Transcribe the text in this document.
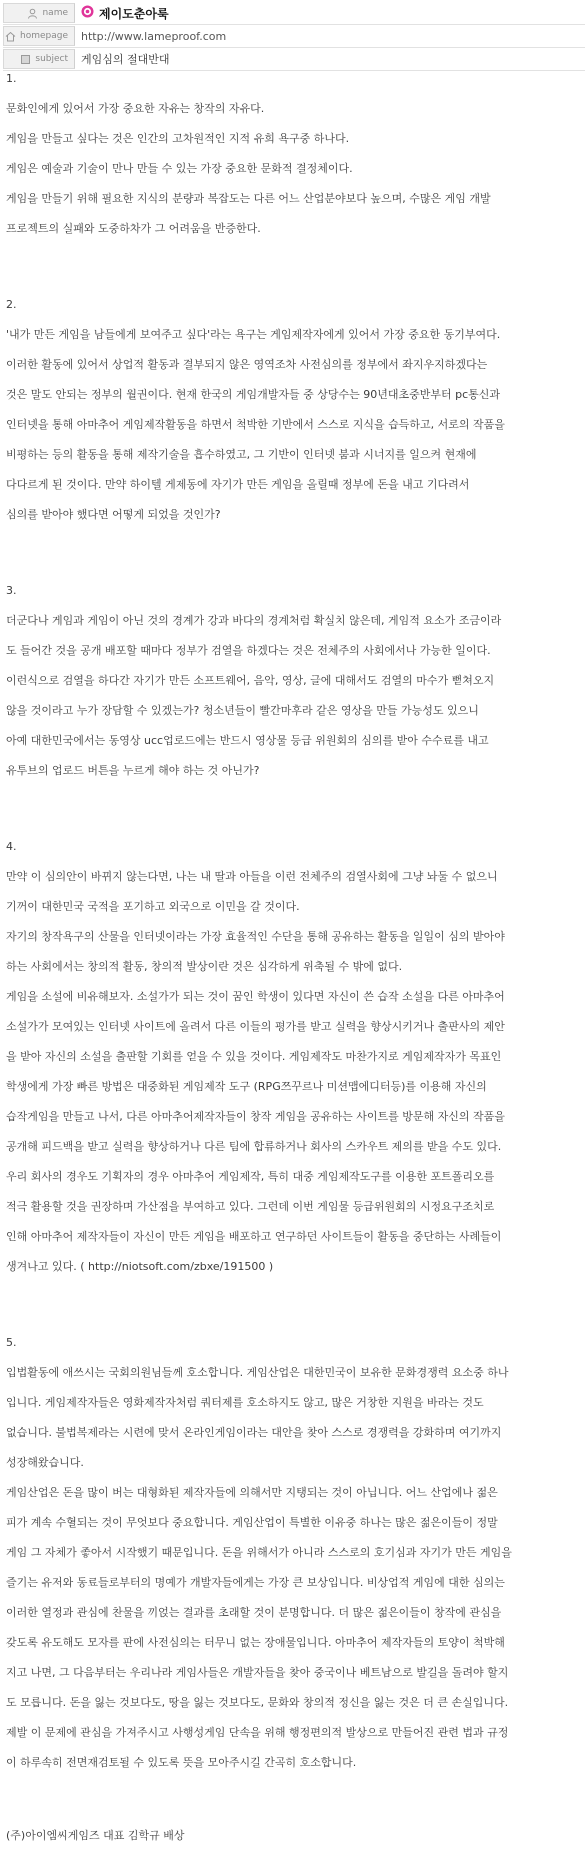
name	제이도춘아룩
homepage http://www.lameproof.com
subject 게임심의 절대반대
1.
문화인에게 있어서 가장 중요한 자유는 창작의 자유다.
게임을 만들고 싶다는 것은 인간의 고차원적인 지적 유희 욕구중 하나다.
게임은 예술과 기술이 만나 만들 수 있는 가장 중요한 문화적 결정체이다.
게임을 만들기 위해 필요한 지식의 분량과 복잡도는 다른 어느 산업분야보다 높으며, 수많은 게임 개발
프로젝트의 실패와 도중하차가 그 어려움을 반증한다.
2.
'내가 만든 게임을 남들에게 보여주고 싶다'라는 욕구는 게임제작자에게 있어서 가장 중요한 동기부여다.
이러한 활동에 있어서 상업적 활동과 결부되지 않은 영역조차 사전심의를 정부에서 좌지우지하겠다는
것은 말도 안되는 정부의 월권이다. 현재 한국의 게임개발자들 중 상당수는 90년대초중반부터 pc통신과
인터넷을 통해 아마추어 게임제작활동을 하면서 척박한 기반에서 스스로 지식을 습득하고, 서로의 작품을
비평하는 등의 활동을 통해 제작기술을 흡수하였고, 그 기반이 인터넷 붐과 시너지를 일으켜 현재에
다다르게 된 것이다. 만약 하이텔 게제동에 자기가 만든 게임을 올릴때 정부에 돈을 내고 기다려서
심의를 받아야 했다면 어떻게 되었을 것인가?
3.
더군다나 게임과 게임이 아닌 것의 경계가 강과 바다의 경계처럼 확실치 않은데, 게임적 요소가 조금이라
도 들어간 것을 공개 배포할 때마다 정부가 검열을 하겠다는 것은 전체주의 사회에서나 가능한 일이다.
이런식으로 검열을 하다간 자기가 만든 소프트웨어, 음악, 영상, 글에 대해서도 검열의 마수가 뻗쳐오지
않을 것이라고 누가 장담할 수 있겠는가? 청소년들이 빨간마후라 같은 영상을 만들 가능성도 있으니
아예 대한민국에서는 동영상 ucc업로드에는 반드시 영상물 등급 위원회의 심의를 받아 수수료를 내고
유투브의 업로드 버튼을 누르게 해야 하는 것 아닌가?
4.
만약 이 심의안이 바뀌지 않는다면, 나는 내 딸과 아들을 이런 전체주의 검열사회에 그냥 놔둘 수 없으니
기꺼이 대한민국 국적을 포기하고 외국으로 이민을 갈 것이다.
자기의 창작욕구의 산물을 인터넷이라는 가장 효율적인 수단을 통해 공유하는 활동을 일일이 심의 받아야
하는 사회에서는 창의적 활동, 창의적 발상이란 것은 심각하게 위축될 수 밖에 없다.
게임을 소설에 비유해보자. 소설가가 되는 것이 꿈인 학생이 있다면 자신이 쓴 습작 소설을 다른 아마추어
소설가가 모여있는 인터넷 사이트에 올려서 다른 이들의 평가를 받고 실력을 향상시키거나 출판사의 제안
을 받아 자신의 소설을 출판할 기회를 얻을 수 있을 것이다. 게임제작도 마찬가지로 게임제작자가 목표인
학생에게 가장 빠른 방법은 대중화된 게임제작 도구 (RPG쯔꾸르나 미션맵에디터등)를 이용해 자신의
습작게임을 만들고 나서, 다른 아마추어제작자들이 창작 게임을 공유하는 사이트를 방문해 자신의 작품을
공개해 피드백을 받고 실력을 향상하거나 다른 팀에 합류하거나 회사의 스카우트 제의를 받을 수도 있다.
우리 회사의 경우도 기획자의 경우 아마추어 게임제작, 특히 대중 게임제작도구를 이용한 포트폴리오를
적극 활용할 것을 권장하며 가산점을 부여하고 있다. 그런데 이번 게임물 등급위원회의 시정요구조치로
인해 아마추어 제작자들이 자신이 만든 게임을 배포하고 연구하던 사이트들이 활동을 중단하는 사례들이
생겨나고 있다. ( http://niotsoft.com/zbxe/191500 )
5.
입법활동에 애쓰시는 국회의원님들께 호소합니다. 게임산업은 대한민국이 보유한 문화경쟁력 요소중 하나
입니다. 게임제작자들은 영화제작자처럼 쿼터제를 호소하지도 않고, 많은 거창한 지원을 바라는 것도
없습니다. 불법복제라는 시련에 맞서 온라인게임이라는 대안을 찾아 스스로 경쟁력을 강화하며 여기까지
성장해왔습니다.
게임산업은 돈을 많이 버는 대형화된 제작자들에 의해서만 지탱되는 것이 아닙니다. 어느 산업에나 젊은
피가 계속 수혈되는 것이 무엇보다 중요합니다. 게임산업이 특별한 이유중 하나는 많은 젊은이들이 정말
게임 그 자체가 좋아서 시작했기 때문입니다. 돈을 위해서가 아니라 스스로의 호기심과 자기가 만든 게임을
즐기는 유저와 동료들로부터의 명예가 개발자들에게는 가장 큰 보상입니다. 비상업적 게임에 대한 심의는
이러한 열정과 관심에 찬물을 끼얹는 결과를 초래할 것이 분명합니다. 더 많은 젊은이들이 창작에 관심을
갖도록 유도해도 모자를 판에 사전심의는 터무니 없는 장애물입니다. 아마추어 제작자들의 토양이 척박해
지고 나면, 그 다음부터는 우리나라 게임사들은 개발자들을 찾아 중국이나 베트남으로 발길을 돌려야 할지
도 모릅니다. 돈을 잃는 것보다도, 땅을 잃는 것보다도, 문화와 창의적 정신을 잃는 것은 더 큰 손실입니다.
제발 이 문제에 관심을 가져주시고 사행성게임 단속을 위해 행정편의적 발상으로 만들어진 관련 법과 규정
이 하루속히 전면재검토될 수 있도록 뜻을 모아주시길 간곡히 호소합니다.
(주)아이엠씨게임즈 대표 김학규 배상
